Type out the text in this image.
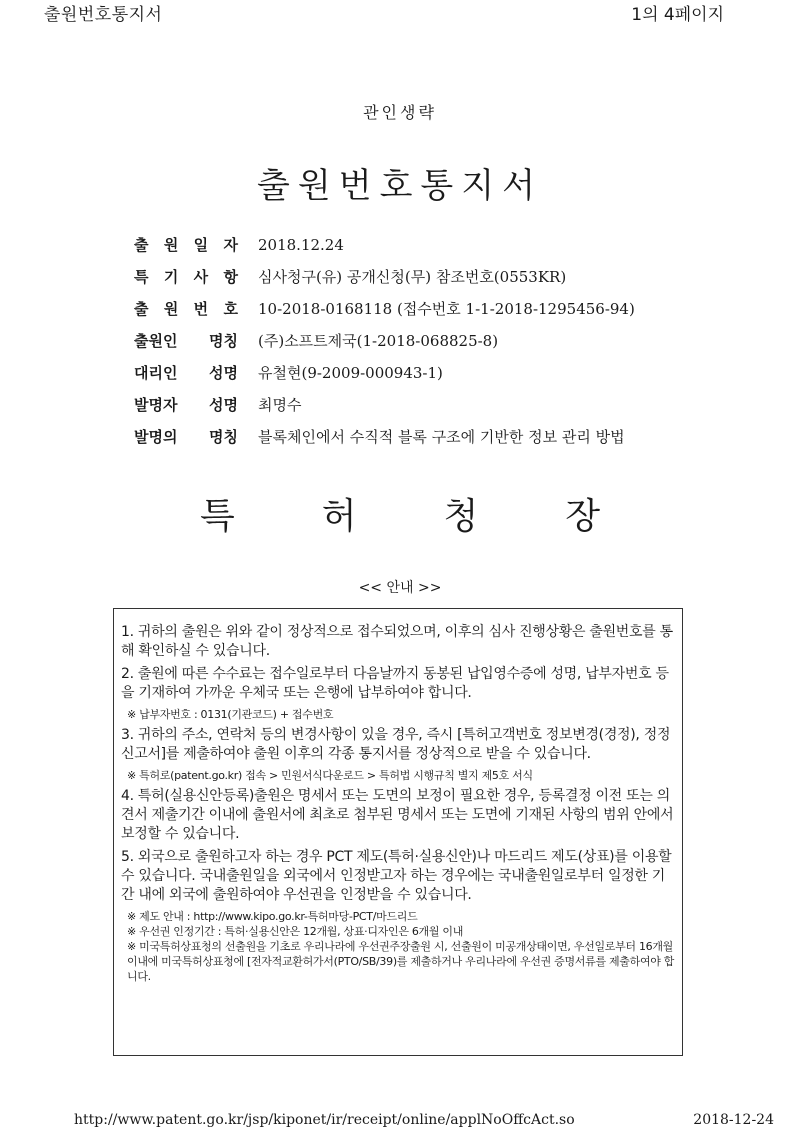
출원번호통지서	1의 4페이지
관인생략
출원번호통지서
출 원 일 자 2018.12.24
특 기 사 항 심사청구(유) 공개신청(무) 참조번호(0553KR)
출 원 번 호 10-2018-0168118 (접수번호 1-1-2018-1295456-94)
출원인 명칭 (주)소프트제국(1-2018-068825-8)
대리인 성명 유철현(9-2009-000943-1)
발명자 성명 최명수
발명의 명칭 블록체인에서 수직적 블록 구조에 기반한 정보 관리 방법
특 허 청 장
<< 안내 >>
1. 귀하의 출원은 위와 같이 정상적으로 접수되었으며, 이후의 심사 진행상황은 출원번호를 통해 확인하실 수 있습니다.
2. 출원에 따른 수수료는 접수일로부터 다음날까지 동봉된 납입영수증에 성명, 납부자번호 등을 기재하여 가까운 우체국 또는 은행에 납부하여야 합니다.
※ 납부자번호 : 0131(기관코드) + 접수번호
3. 귀하의 주소, 연락처 등의 변경사항이 있을 경우, 즉시 [특허고객번호 정보변경(경정), 정정신고서]를 제출하여야 출원 이후의 각종 통지서를 정상적으로 받을 수 있습니다.
※ 특허로(patent.go.kr) 접속 > 민원서식다운로드 > 특허법 시행규칙 별지 제5호 서식
4. 특허(실용신안등록)출원은 명세서 또는 도면의 보정이 필요한 경우, 등록결정 이전 또는 의견서 제출기간 이내에 출원서에 최초로 첨부된 명세서 또는 도면에 기재된 사항의 범위 안에서 보정할 수 있습니다.
5. 외국으로 출원하고자 하는 경우 PCT 제도(특허·실용신안)나 마드리드 제도(상표)를 이용할 수 있습니다. 국내출원일을 외국에서 인정받고자 하는 경우에는 국내출원일로부터 일정한 기간 내에 외국에 출원하여야 우선권을 인정받을 수 있습니다.
※ 제도 안내 : http://www.kipo.go.kr-특허마당-PCT/마드리드
※ 우선권 인정기간 : 특허·실용신안은 12개월, 상표·디자인은 6개월 이내
※ 미국특허상표청의 선출원을 기초로 우리나라에 우선권주장출원 시, 선출원이 미공개상태이면, 우선일로부터 16개월 이내에 미국특허상표청에 [전자적교환허가서(PTO/SB/39)를 제출하거나 우리나라에 우선권 증명서류를 제출하여야 합니다.
http://www.patent.go.kr/jsp/kiponet/ir/receipt/online/applNoOffcAct.so	2018-12-24
